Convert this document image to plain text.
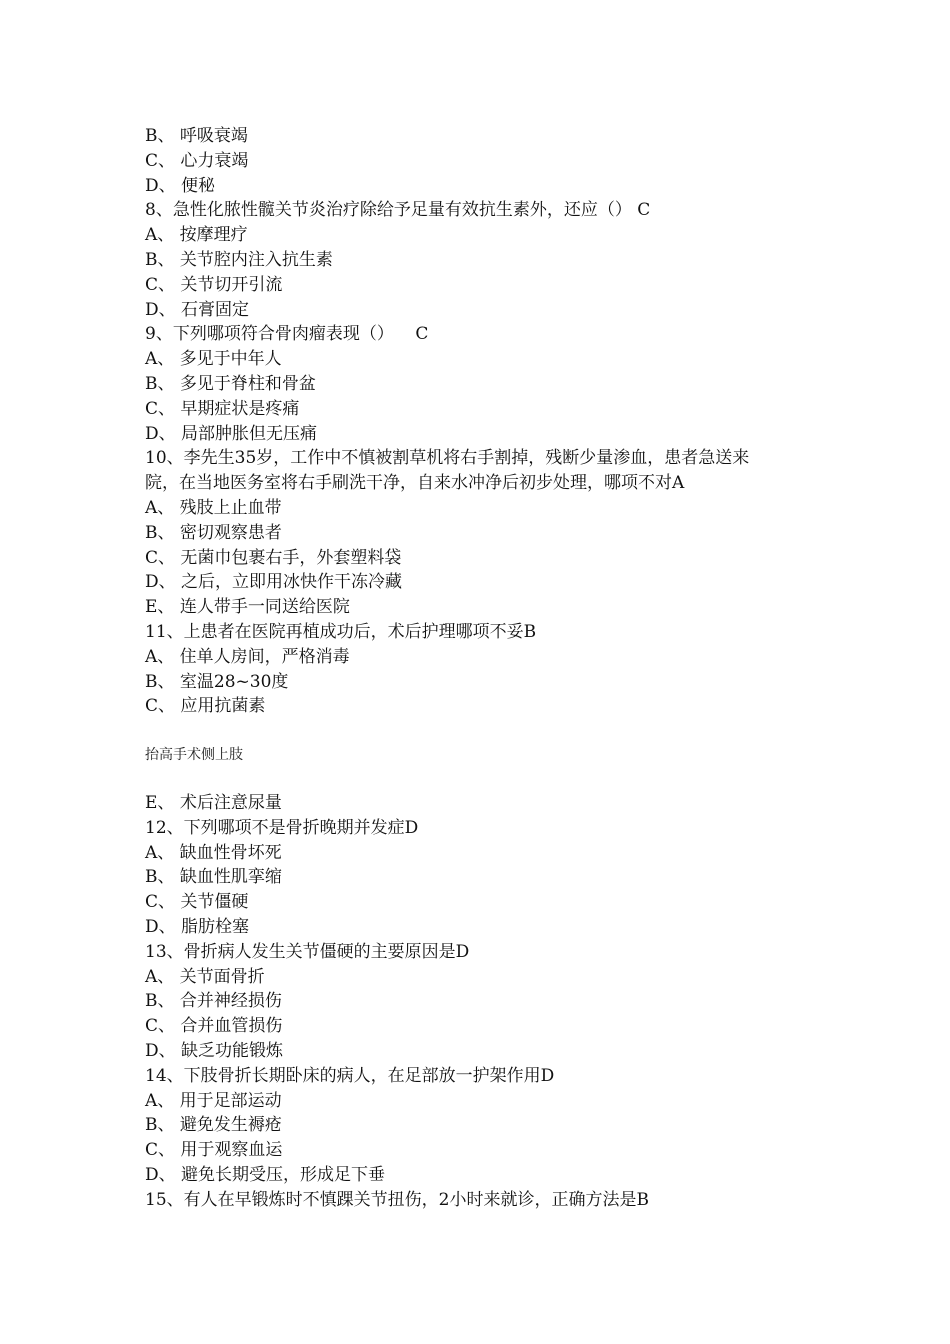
B、 呼吸衰竭
C、 心力衰竭
D、 便秘
8、急性化脓性髋关节炎治疗除给予足量有效抗生素外，还应（） C
A、 按摩理疗
B、 关节腔内注入抗生素
C、 关节切开引流
D、 石膏固定
9、下列哪项符合骨肉瘤表现（）    C
A、 多见于中年人
B、 多见于脊柱和骨盆
C、 早期症状是疼痛
D、 局部肿胀但无压痛
10、李先生35岁，工作中不慎被割草机将右手割掉，残断少量渗血，患者急送来
院，在当地医务室将右手刷洗干净，自来水冲净后初步处理，哪项不对A
A、 残肢上止血带
B、 密切观察患者
C、 无菌巾包裹右手，外套塑料袋
D、 之后，立即用冰快作干冻冷藏
E、 连人带手一同送给医院
11、上患者在医院再植成功后，术后护理哪项不妥B
A、 住单人房间，严格消毒
B、 室温28~30度
C、 应用抗菌素
抬高手术侧上肢
E、 术后注意尿量
12、下列哪项不是骨折晚期并发症D
A、 缺血性骨坏死
B、 缺血性肌挛缩
C、 关节僵硬
D、 脂肪栓塞
13、骨折病人发生关节僵硬的主要原因是D
A、 关节面骨折
B、 合并神经损伤
C、 合并血管损伤
D、 缺乏功能锻炼
14、下肢骨折长期卧床的病人，在足部放一护架作用D
A、 用于足部运动
B、 避免发生褥疮
C、 用于观察血运
D、 避免长期受压，形成足下垂
15、有人在早锻炼时不慎踝关节扭伤，2小时来就诊，正确方法是B
